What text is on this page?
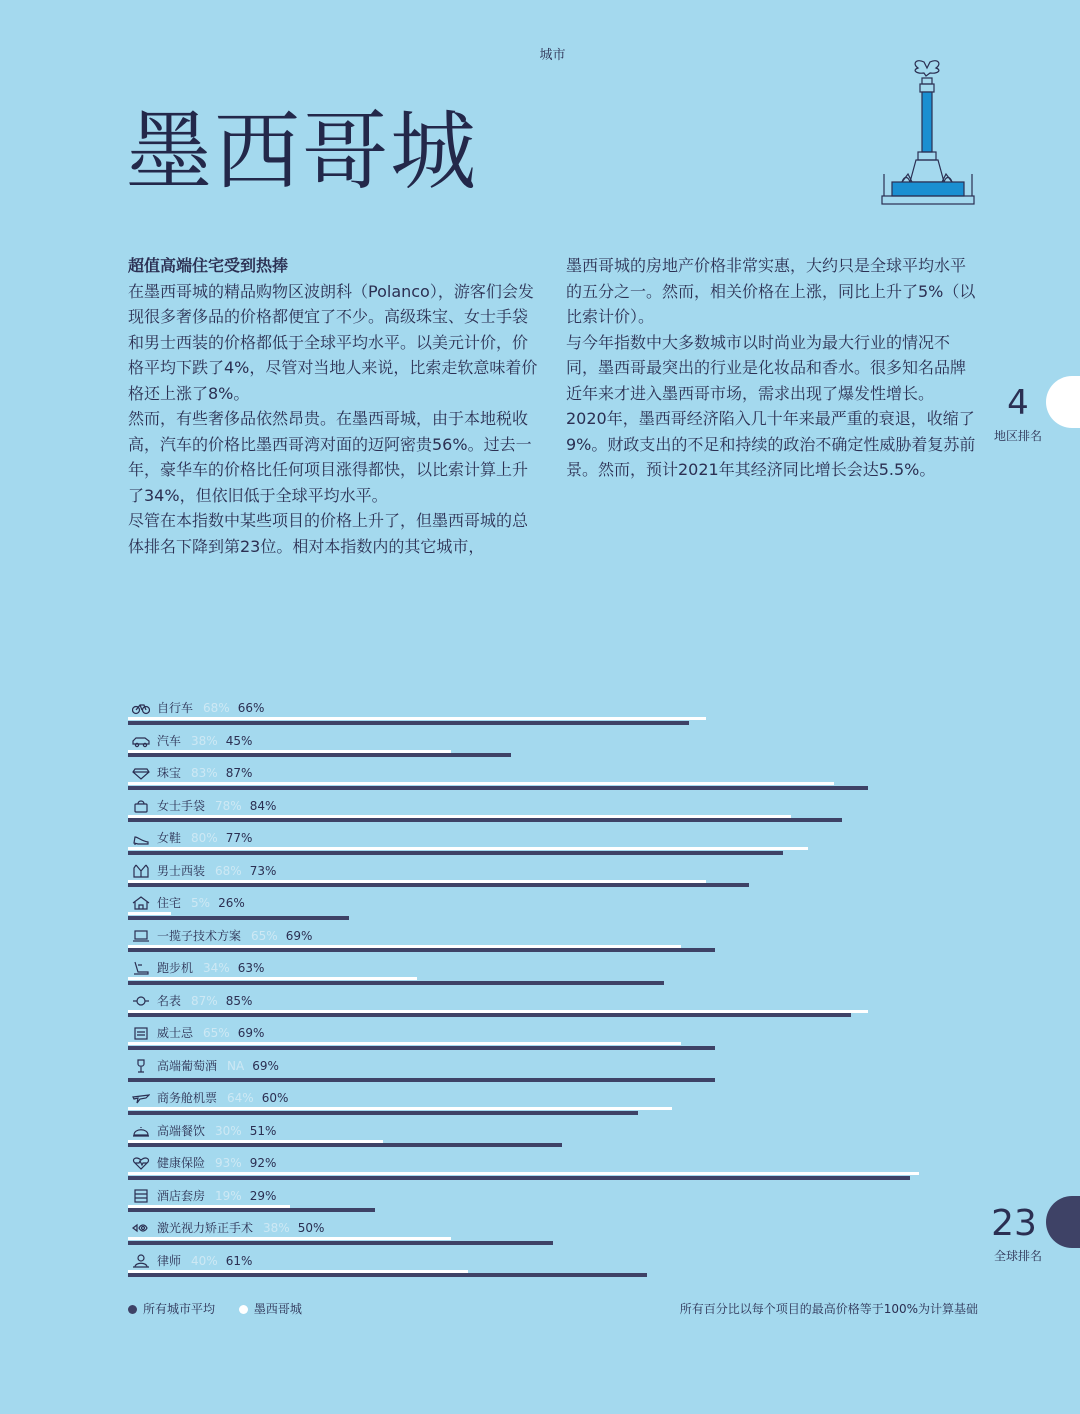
城市
墨西哥城
超值高端住宅受到热捧

在墨西哥城的精品购物区波朗科（Polanco），游客们会发现很多奢侈品的价格都便宜了不少。高级珠宝、女士手袋和男士西装的价格都低于全球平均水平。以美元计价，价格平均下跌了4%，尽管对当地人来说，比索走软意味着价格还上涨了8%。

然而，有些奢侈品依然昂贵。在墨西哥城，由于本地税收高，汽车的价格比墨西哥湾对面的迈阿密贵56%。过去一年，豪华车的价格比任何项目涨得都快，以比索计算上升了34%，但依旧低于全球平均水平。

尽管在本指数中某些项目的价格上升了，但墨西哥城的总体排名下降到第23位。相对本指数内的其它城市，

墨西哥城的房地产价格非常实惠，大约只是全球平均水平的五分之一。然而，相关价格在上涨，同比上升了5%（以比索计价）。

与今年指数中大多数城市以时尚业为最大行业的情况不同，墨西哥最突出的行业是化妆品和香水。很多知名品牌近年来才进入墨西哥市场，需求出现了爆发性增长。

2020年，墨西哥经济陷入几十年来最严重的衰退，收缩了9%。财政支出的不足和持续的政治不确定性威胁着复苏前景。然而，预计2021年其经济同比增长会达5.5%。

4
地区排名
23
全球排名
自行车 68% 66%
汽车 38% 45%
珠宝 83% 87%
女士手袋 78% 84%
女鞋 80% 77%
男士西装 68% 73%
住宅 5% 26%
一揽子技术方案 65% 69%
跑步机 34% 63%
名表 87% 85%
威士忌 65% 69%
高端葡萄酒 NA 69%
商务舱机票 64% 60%
高端餐饮 30% 51%
健康保险 93% 92%
酒店套房 19% 29%
激光视力矫正手术 38% 50%
律师 40% 61%
所有城市平均	墨西哥城	所有百分比以每个项目的最高价格等于100%为计算基础
